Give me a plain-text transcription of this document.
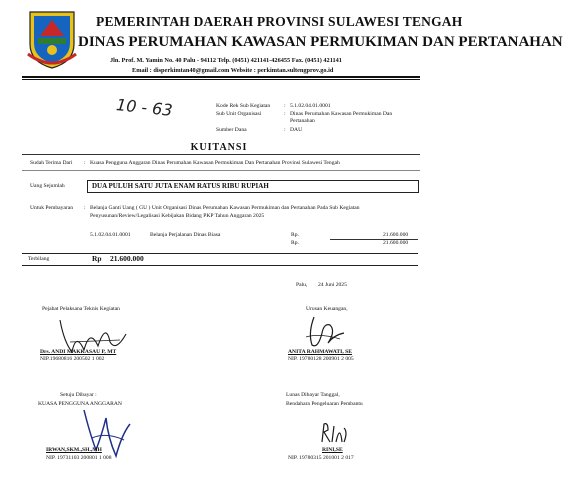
PEMERINTAH DAERAH PROVINSI SULAWESI TENGAH
DINAS PERUMAHAN KAWASAN PERMUKIMAN DAN PERTANAHAN
Jln. Prof. M. Yamin No. 40 Palu - 94112 Telp. (0451) 421141-426455 Fax. (0451) 421141
Email : disperkimtan40@gmail.com Website : perkimtan.sultengprov.go.id
10 - 63	Kode Rek Sub Kegiatan : 5.1.02.04.01.0001
Sub Unit Organisasi	: Dinas Perumahan Kawasan Permukiman Dan Pertanahan
Sumber Dana	: DAU
KUITANSI
Sudah Terima Dari : Kuasa Pengguna Anggaran Dinas Perumahan Kawasan Permukiman Dan Pertanahan Provinsi Sulawesi Tengah
Uang Sejumlah	DUA PULUH SATU JUTA ENAM RATUS RIBU RUPIAH
Untuk Pembayaran : Belanja Ganti Uang ( GU ) Unit Organisasi Dinas Perumahan Kawasan Permukiman dan Pertanahan Pada Sub Kegiatan
Penyusunan/Review/Legalisasi Kebijakan Bidang PKP Tahun Anggaran 2025
5.1.02.04.01.0001	Belanja Perjalanan Dinas Biasa	Rp.	21.600.000
Rp.	21.600.000
Terbilang	Rp 21.600.000
Palu, 24 Juni 2025
Pejabat Pelaksana Teknis Kegiatan
Drs. ANDI MAKKASAU P, MT
NIP.19680816 200502 1 002
Urusan Keuangan,
ANITA RAHMAWATI, SE
NIP. 19780128 200901 2 005
Setuju Dibayar :
KUASA PENGGUNA ANGGARAN
IRWAN,SKM.,SH.,MH
NIP. 19731103 200801 1 008
Lunas Dibayar Tanggal,
Bendahara Pengeluaran Pembantu
RINI,SE
NIP. 19780315 201001 2 017
